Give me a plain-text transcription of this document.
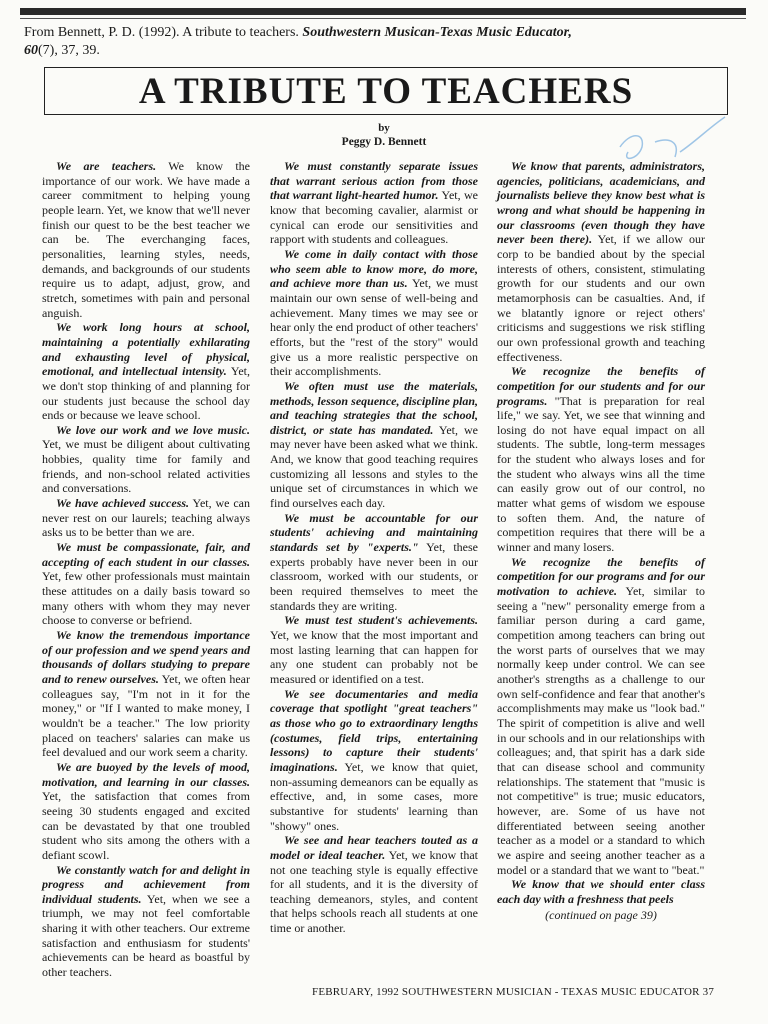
From Bennett, P. D. (1992). A tribute to teachers. Southwestern Musican-Texas Music Educator, 60(7), 37, 39.
A TRIBUTE TO TEACHERS
by
Peggy D. Bennett

We are teachers. We know the importance of our work. We have made a career commitment to helping young people learn. Yet, we know that we'll never finish our quest to be the best teacher we can be. The everchanging faces, personalities, learning styles, needs, demands, and backgrounds of our students require us to adapt, adjust, grow, and stretch, sometimes with pain and personal anguish.

We work long hours at school, maintaining a potentially exhilarating and exhausting level of physical, emotional, and intellectual intensity. Yet, we don't stop thinking of and planning for our students just because the school day ends or because we leave school.

We love our work and we love music. Yet, we must be diligent about cultivating hobbies, quality time for family and friends, and non-school related activities and conversations.

We have achieved success. Yet, we can never rest on our laurels; teaching always asks us to be better than we are.

We must be compassionate, fair, and accepting of each student in our classes. Yet, few other professionals must maintain these attitudes on a daily basis toward so many others with whom they may never choose to converse or befriend.

We know the tremendous importance of our profession and we spend years and thousands of dollars studying to prepare and to renew ourselves. Yet, we often hear colleagues say, "I'm not in it for the money," or "If I wanted to make money, I wouldn't be a teacher." The low priority placed on teachers' salaries can make us feel devalued and our work seem a charity.

We are buoyed by the levels of mood, motivation, and learning in our classes. Yet, the satisfaction that comes from seeing 30 students engaged and excited can be devastated by that one troubled student who sits among the others with a defiant scowl.

We constantly watch for and delight in progress and achievement from individual students. Yet, when we see a triumph, we may not feel comfortable sharing it with other teachers. Our extreme satisfaction and enthusiasm for students' achievements can be heard as boastful by other teachers.

We must constantly separate issues that warrant serious action from those that warrant light-hearted humor. Yet, we know that becoming cavalier, alarmist or cynical can erode our sensitivities and rapport with students and colleagues.

We come in daily contact with those who seem able to know more, do more, and achieve more than us. Yet, we must maintain our own sense of well-being and achievement. Many times we may see or hear only the end product of other teachers' efforts, but the "rest of the story" would give us a more realistic perspective on their accomplishments.

We often must use the materials, methods, lesson sequence, discipline plan, and teaching strategies that the school, district, or state has mandated. Yet, we may never have been asked what we think. And, we know that good teaching requires customizing all lessons and styles to the unique set of circumstances in which we find ourselves each day.

We must be accountable for our students' achieving and maintaining standards set by "experts." Yet, these experts probably have never been in our classroom, worked with our students, or been required themselves to meet the standards they are writing.

We must test student's achievements. Yet, we know that the most important and most lasting learning that can happen for any one student can probably not be measured or identified on a test.

We see documentaries and media coverage that spotlight "great teachers" as those who go to extraordinary lengths (costumes, field trips, entertaining lessons) to capture their students' imaginations. Yet, we know that quiet, non-assuming demeanors can be equally as effective, and, in some cases, more substantive for students' learning than "showy" ones.

We see and hear teachers touted as a model or ideal teacher. Yet, we know that not one teaching style is equally effective for all students, and it is the diversity of teaching demeanors, styles, and content that helps schools reach all students at one time or another.

We know that parents, administrators, agencies, politicians, academicians, and journalists believe they know best what is wrong and what should be happening in our classrooms (even though they have never been there). Yet, if we allow our corp to be bandied about by the special interests of others, consistent, stimulating growth for our students and our own metamorphosis can be casualties. And, if we blatantly ignore or reject others' criticisms and suggestions we risk stifling our own professional growth and teaching effectiveness.

We recognize the benefits of competition for our students and for our programs. "That is preparation for real life," we say. Yet, we see that winning and losing do not have equal impact on all students. The subtle, long-term messages for the student who always loses and for the student who always wins all the time can easily grow out of our control, no matter what gems of wisdom we espouse to soften them. And, the nature of competition requires that there will be a winner and many losers.

We recognize the benefits of competition for our programs and for our motivation to achieve. Yet, similar to seeing a "new" personality emerge from a familiar person during a card game, competition among teachers can bring out the worst parts of ourselves that we may normally keep under control. We can see another's strengths as a challenge to our own self-confidence and fear that another's accomplishments may make us "look bad." The spirit of competition is alive and well in our schools and in our relationships with colleagues; and, that spirit has a dark side that can disease school and community relationships. The statement that "music is not competitive" is true; music educators, however, are. Some of us have not differentiated between seeing another teacher as a model or a standard to which we aspire and seeing another teacher as a model or a standard that we want to "beat."

We know that we should enter class each day with a freshness that peels

(continued on page 39)
FEBRUARY, 1992 SOUTHWESTERN MUSICIAN - TEXAS MUSIC EDUCATOR 37
